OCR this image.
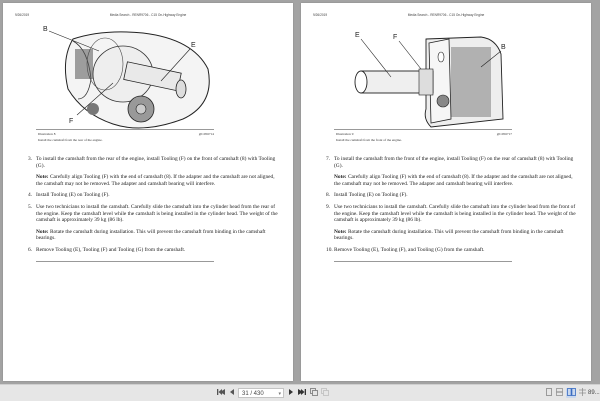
9/26/2019	Media Search - RENR9706 - C15 On-Highway Engine
B
E
F
Illustration 8	g01056714
Install the camshaft from the rear of the engine.
3. To install the camshaft from the rear of the engine, install Tooling (F) on the front of camshaft (8) with Tooling (G).
Note: Carefully align Tooling (F) with the end of camshaft (8). If the adapter and the camshaft are not aligned, the camshaft may not be removed. The adapter and camshaft bearing will interfere.
4. Install Tooling (E) on Tooling (F).
5. Use two technicians to install the camshaft. Carefully slide the camshaft into the cylinder head from the rear of the engine. Keep the camshaft level while the camshaft is being installed in the cylinder head. The weight of the camshaft is approximately 39 kg (86 lb).
Note: Rotate the camshaft during installation. This will prevent the camshaft from binding in the camshaft bearings.
6. Remove Tooling (E), Tooling (F) and Tooling (G) from the camshaft.
9/26/2019	Media Search - RENR9706 - C15 On-Highway Engine
E	F
B
Illustration 9	g01056717
Install the camshaft from the front of the engine.
7. To install the camshaft from the front of the engine, install Tooling (F) on the rear of camshaft (8) with Tooling (G).
Note: Carefully align Tooling (F) with the end of camshaft (8). If the adapter and the camshaft are not aligned, the camshaft may not be removed. The adapter and camshaft bearing will interfere.
8. Install Tooling (E) on Tooling (F).
9. Use two technicians to install the camshaft. Carefully slide the camshaft into the cylinder head from the front of the engine. Keep the camshaft level while the camshaft is being installed in the cylinder head. The weight of the camshaft is approximately 39 kg (86 lb).
Note: Rotate the camshaft during installation. This will prevent the camshaft from binding in the camshaft bearings.
10. Remove Tooling (E), Tooling (F), and Tooling (G) from the camshaft.
31 / 430	▾	89...
